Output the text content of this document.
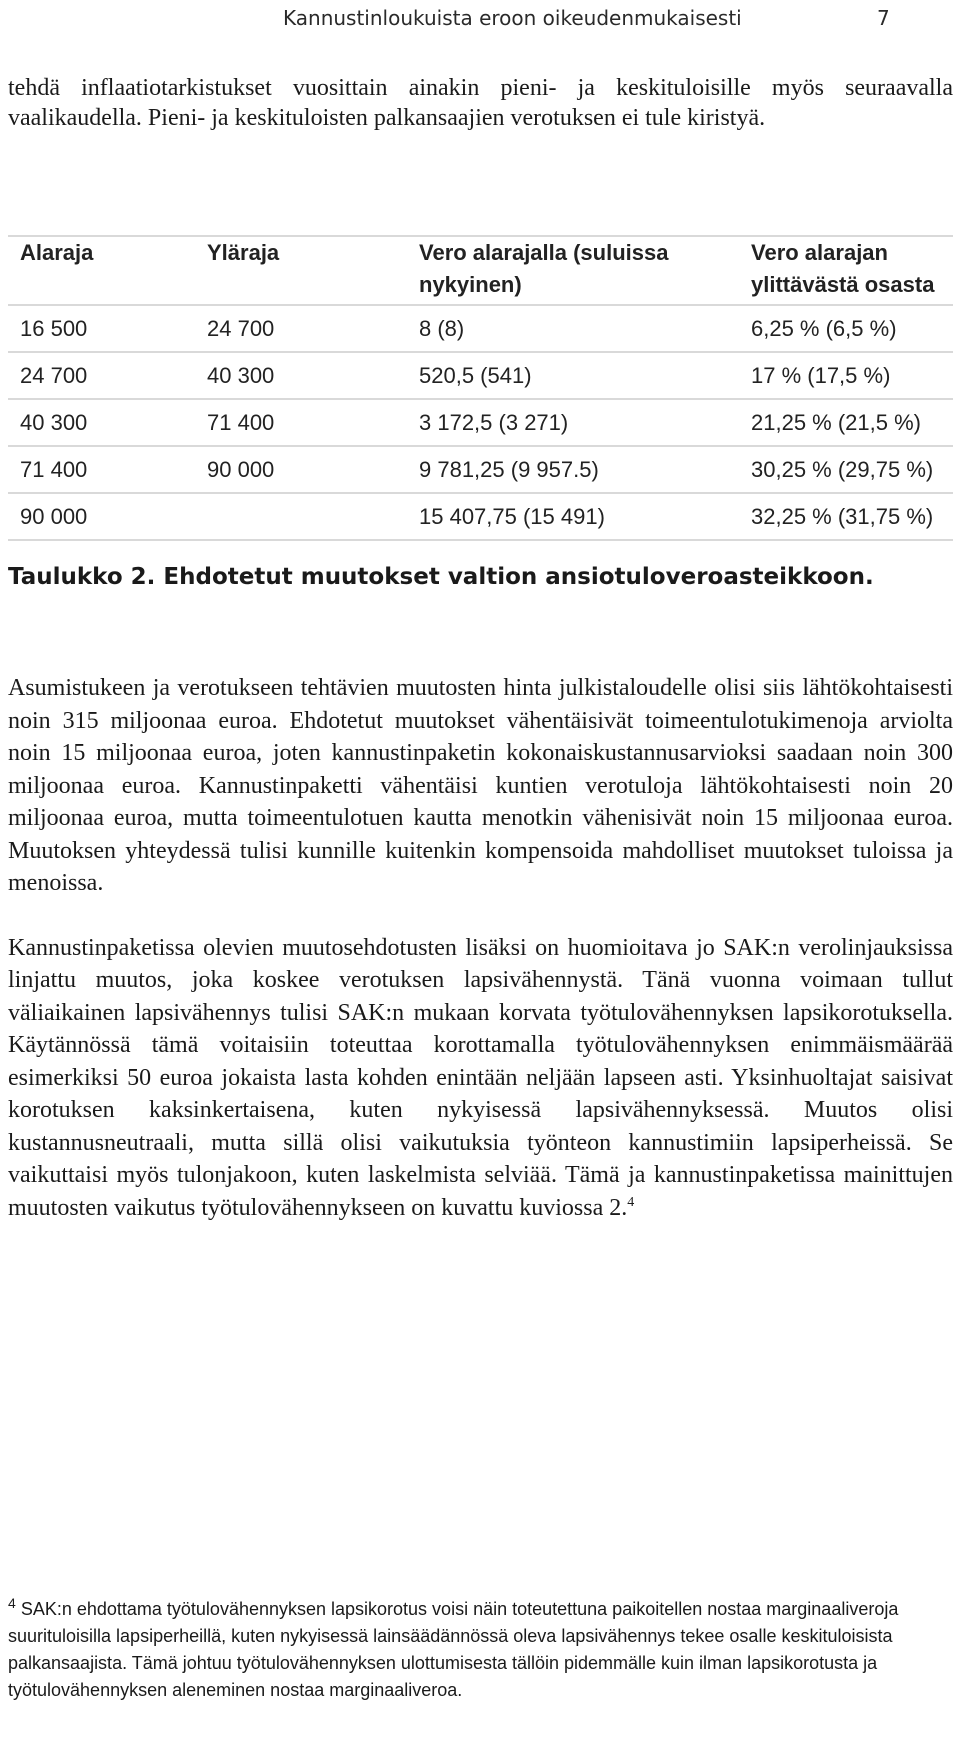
Kannustinloukuista eroon oikeudenmukaisesti	7

tehdä inflaatiotarkistukset vuosittain ainakin pieni- ja keskituloisille myös seuraavalla vaalikaudella. Pieni- ja keskituloisten palkansaajien verotuksen ei tule kiristyä.

Alaraja	Yläraja	Vero alarajalla (suluissa nykyinen)	Vero alarajan ylittävästä osasta
16 500	24 700	8 (8)	6,25 % (6,5 %)
24 700	40 300	520,5 (541)	17 % (17,5 %)
40 300	71 400	3 172,5 (3 271)	21,25 % (21,5 %)
71 400	90 000	9 781,25 (9 957.5)	30,25 % (29,75 %)
90 000		15 407,75 (15 491)	32,25 % (31,75 %)
Taulukko 2. Ehdotetut muutokset valtion ansiotuloveroasteikkoon.

Asumistukeen ja verotukseen tehtävien muutosten hinta julkistaloudelle olisi siis lähtökohtaisesti noin 315 miljoonaa euroa. Ehdotetut muutokset vähentäisivät toimeentulotukimenoja arviolta noin 15 miljoonaa euroa, joten kannustinpaketin kokonaiskustannusarvioksi saadaan noin 300 miljoonaa euroa. Kannustinpaketti vähentäisi kuntien verotuloja lähtökohtaisesti noin 20 miljoonaa euroa, mutta toimeentulotuen kautta menotkin vähenisivät noin 15 miljoonaa euroa. Muutoksen yhteydessä tulisi kunnille kuitenkin kompensoida mahdolliset muutokset tuloissa ja menoissa.

Kannustinpaketissa olevien muutosehdotusten lisäksi on huomioitava jo SAK:n verolinjauksissa linjattu muutos, joka koskee verotuksen lapsivähennystä. Tänä vuonna voimaan tullut väliaikainen lapsivähennys tulisi SAK:n mukaan korvata työtulovähennyksen lapsikorotuksella. Käytännössä tämä voitaisiin toteuttaa korottamalla työtulovähennyksen enimmäismäärää esimerkiksi 50 euroa jokaista lasta kohden enintään neljään lapseen asti. Yksinhuoltajat saisivat korotuksen kaksinkertaisena, kuten nykyisessä lapsivähennyksessä. Muutos olisi kustannusneutraali, mutta sillä olisi vaikutuksia työnteon kannustimiin lapsiperheissä. Se vaikuttaisi myös tulonjakoon, kuten laskelmista selviää. Tämä ja kannustinpaketissa mainittujen muutosten vaikutus työtulovähennykseen on kuvattu kuviossa 2.$^4$

$^4$ SAK:n ehdottama työtulovähennyksen lapsikorotus voisi näin toteutettuna paikoitellen nostaa marginaaliveroja suurituloisilla lapsiperheillä, kuten nykyisessä lainsäädännössä oleva lapsivähennys tekee osalle keskituloisista palkansaajista. Tämä johtuu työtulovähennyksen ulottumisesta tällöin pidemmälle kuin ilman lapsikorotusta ja työtulovähennyksen aleneminen nostaa marginaaliveroa.
